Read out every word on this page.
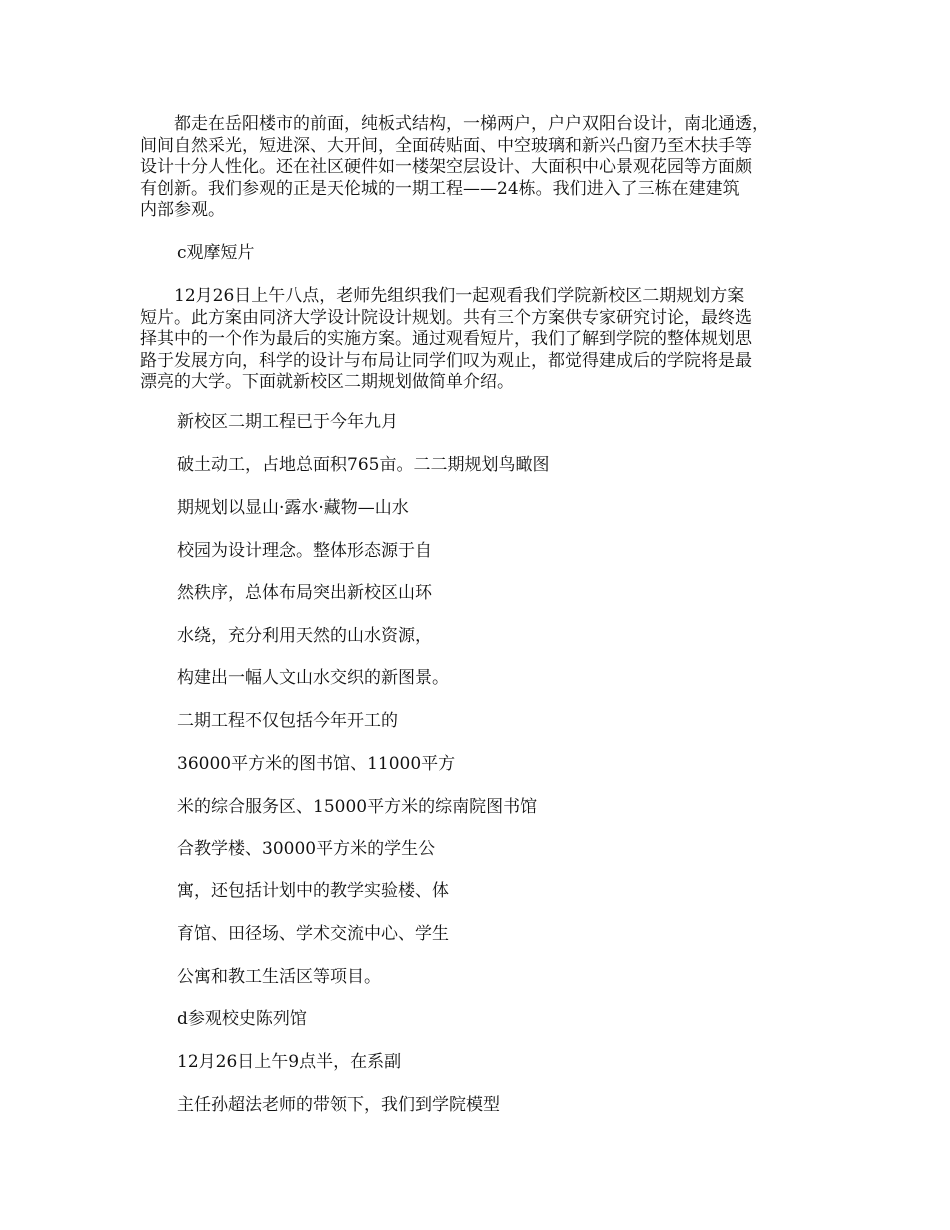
　　都走在岳阳楼市的前面，纯板式结构，一梯两户，户户双阳台设计，南北通透，
间间自然采光，短进深、大开间，全面砖贴面、中空玻璃和新兴凸窗乃至木扶手等
设计十分人性化。还在社区硬件如一楼架空层设计、大面积中心景观花园等方面颇
有创新。我们参观的正是天伦城的一期工程——24栋。我们进入了三栋在建建筑
内部参观。

c观摩短片

　　12月26日上午八点，老师先组织我们一起观看我们学院新校区二期规划方案
短片。此方案由同济大学设计院设计规划。共有三个方案供专家研究讨论，最终选
择其中的一个作为最后的实施方案。通过观看短片，我们了解到学院的整体规划思
路于发展方向，科学的设计与布局让同学们叹为观止，都觉得建成后的学院将是最
漂亮的大学。下面就新校区二期规划做简单介绍。

新校区二期工程已于今年九月

破土动工，占地总面积765亩。二二期规划鸟瞰图

期规划以显山·露水·藏物—山水

校园为设计理念。整体形态源于自

然秩序，总体布局突出新校区山环

水绕，充分利用天然的山水资源，

构建出一幅人文山水交织的新图景。

二期工程不仅包括今年开工的

36000平方米的图书馆、11000平方

米的综合服务区、15000平方米的综南院图书馆

合教学楼、30000平方米的学生公

寓，还包括计划中的教学实验楼、体

育馆、田径场、学术交流中心、学生

公寓和教工生活区等项目。

d参观校史陈列馆

12月26日上午9点半，在系副

主任孙超法老师的带领下，我们到学院模型
